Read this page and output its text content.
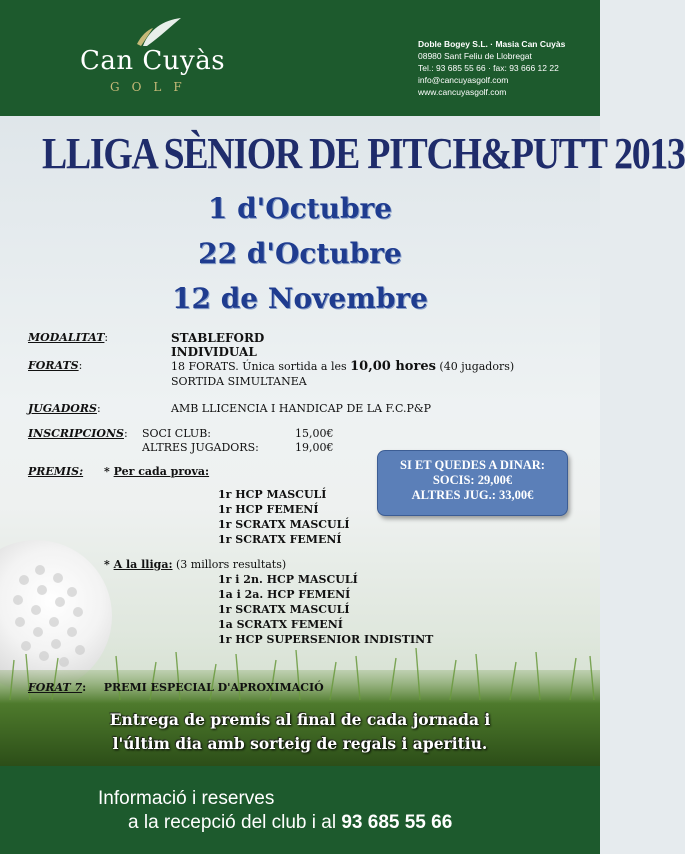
Can Cuyàs
GOLF
Doble Bogey S.L. · Masia Can Cuyàs
08980 Sant Feliu de Llobregat
Tel.: 93 685 55 66 · fax: 93 666 12 22
info@cancuyasgolf.com
www.cancuyasgolf.com
LLIGA SÈNIOR DE PITCH&PUTT 2013
1 d'Octubre
22 d'Octubre
12 de Novembre
MODALITAT:	STABLEFORD INDIVIDUAL
FORATS:	18 FORATS. Única sortida a les 10,00 hores (40 jugadors)
SORTIDA SIMULTANEA
JUGADORS:	AMB LLICENCIA I HANDICAP DE LA F.C.P&P
INSCRIPCIONS: SOCI CLUB:	15,00€
ALTRES JUGADORS:	19,00€
SI ET QUEDES A DINAR:
SOCIS: 29,00€
ALTRES JUG.: 33,00€
PREMIS: * Per cada prova:
1r HCP MASCULÍ
1r HCP FEMENÍ
1r SCRATX MASCULÍ
1r SCRATX FEMENÍ
* A la lliga: (3 millors resultats)
1r i 2n. HCP MASCULÍ
1a i 2a. HCP FEMENÍ
1r SCRATX MASCULÍ
1a SCRATX FEMENÍ
1r HCP SUPERSENIOR INDISTINT
FORAT 7: PREMI ESPECIAL D'APROXIMACIÓ
Entrega de premis al final de cada jornada i
l'últim dia amb sorteig de regals i aperitiu.
Informació i reserves
a la recepció del club i al 93 685 55 66
